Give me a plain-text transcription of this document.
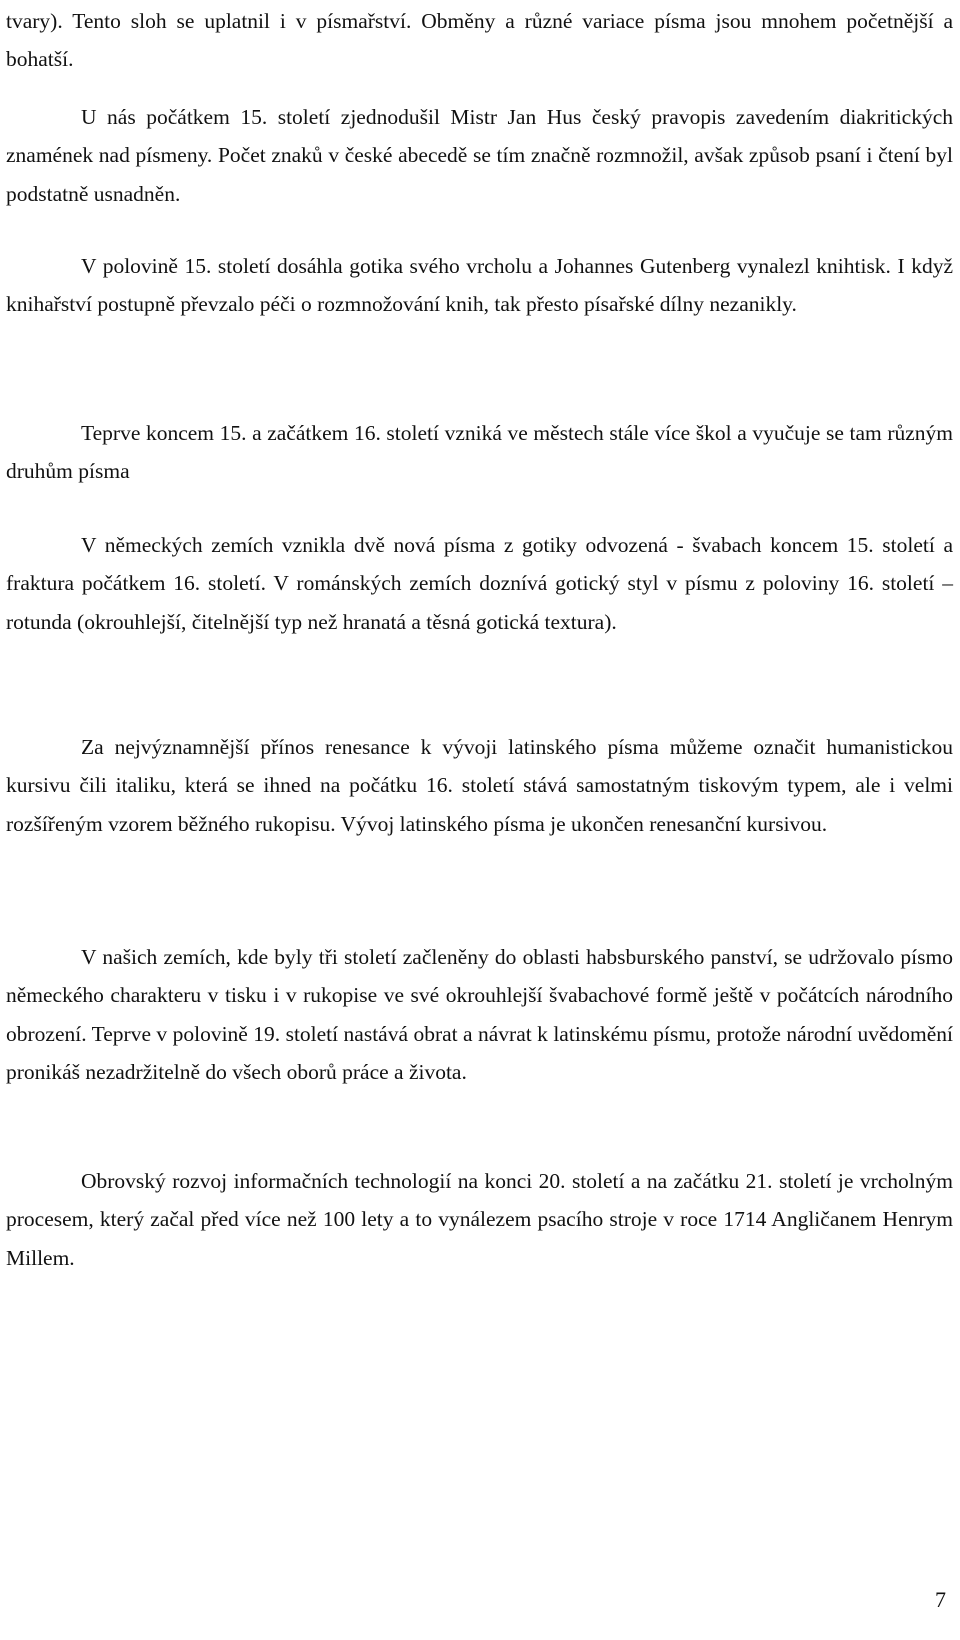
tvary). Tento sloh se uplatnil i v písmařství. Obměny a různé variace písma jsou mnohem početnější a bohatší.

U nás počátkem 15. století zjednodušil Mistr Jan Hus český pravopis zavedením diakritických znamének nad písmeny. Počet znaků v české abecedě se tím značně rozmnožil, avšak způsob psaní i čtení byl podstatně usnadněn.

V polovině 15. století dosáhla gotika svého vrcholu a Johannes Gutenberg vynalezl knihtisk. I když knihařství postupně převzalo péči o rozmnožování knih, tak přesto písařské dílny nezanikly.

Teprve koncem 15. a začátkem 16. století vzniká ve městech stále více škol a vyučuje se tam různým druhům písma

V německých zemích vznikla dvě nová písma z gotiky odvozená - švabach koncem 15. století a fraktura počátkem 16. století. V románských zemích doznívá gotický styl v písmu z poloviny 16. století – rotunda (okrouhlejší, čitelnější typ než hranatá a těsná gotická textura).

Za nejvýznamnější přínos renesance k vývoji latinského písma můžeme označit humanistickou kursivu čili italiku, která se ihned na počátku 16. století stává samostatným tiskovým typem, ale i velmi rozšířeným vzorem běžného rukopisu. Vývoj latinského písma je ukončen renesanční kursivou.

V našich zemích, kde byly tři století začleněny do oblasti habsburského panství, se udržovalo písmo německého charakteru v tisku i v rukopise ve své okrouhlejší švabachové formě ještě v počátcích národního obrození. Teprve v polovině 19. století nastává obrat a návrat k latinskému písmu, protože národní uvědomění pronikáš nezadržitelně do všech oborů práce a života.

Obrovský rozvoj informačních technologií na konci 20. století a na začátku 21. století je vrcholným procesem, který začal před více než 100 lety a to vynálezem psacího stroje v roce 1714 Angličanem Henrym Millem.

7
